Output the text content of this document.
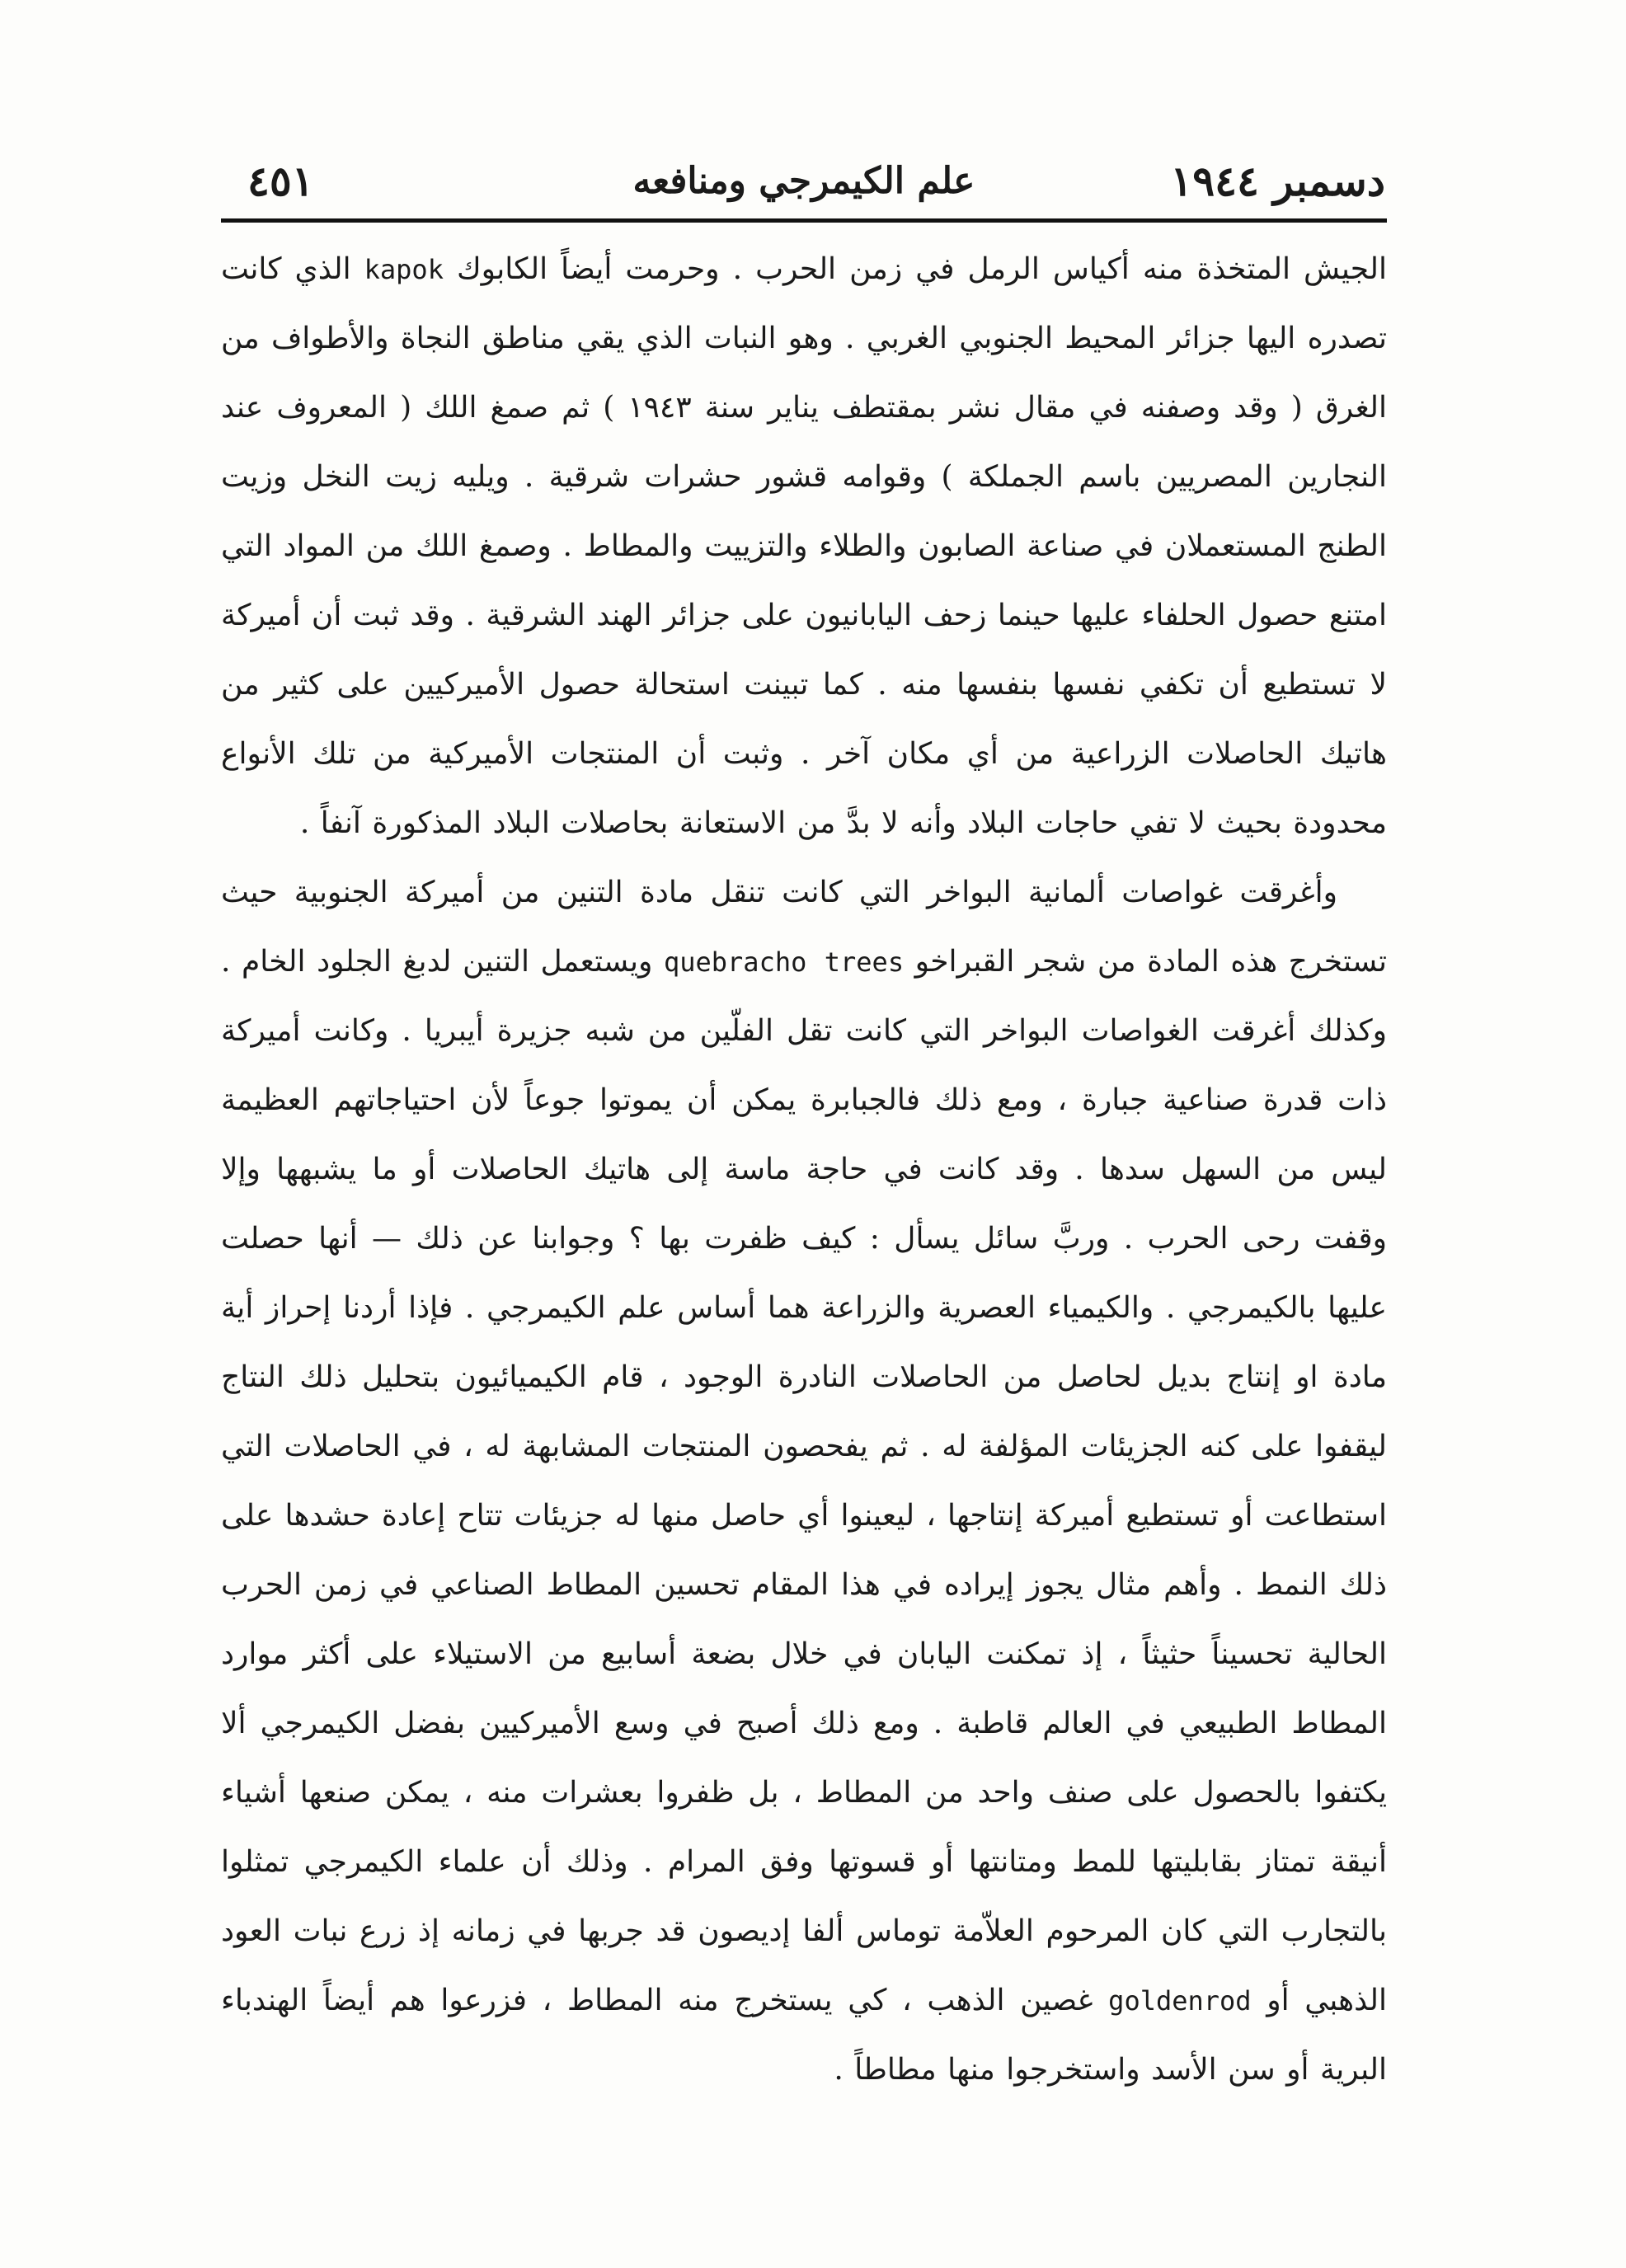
دسمبر ١٩٤٤
علم الكيمرجي ومنافعه
٤٥١

الجيش المتخذة منه أكياس الرمل في زمن الحرب . وحرمت أيضاً الكابوك kapok الذي كانت تصدره اليها جزائر المحيط الجنوبي الغربي . وهو النبات الذي يقي مناطق النجاة والأطواف من الغرق ( وقد وصفنه في مقال نشر بمقتطف يناير سنة ١٩٤٣ ) ثم صمغ اللك ( المعروف عند النجارين المصريين باسم الجملكة ) وقوامه قشور حشرات شرقية . ويليه زيت النخل وزيت الطنج المستعملان في صناعة الصابون والطلاء والتزييت والمطاط . وصمغ اللك من المواد التي امتنع حصول الحلفاء عليها حينما زحف اليابانيون على جزائر الهند الشرقية . وقد ثبت أن أميركة لا تستطيع أن تكفي نفسها بنفسها منه . كما تبينت استحالة حصول الأميركيين على كثير من هاتيك الحاصلات الزراعية من أي مكان آخر . وثبت أن المنتجات الأميركية من تلك الأنواع محدودة بحيث لا تفي حاجات البلاد وأنه لا بدَّ من الاستعانة بحاصلات البلاد المذكورة آنفاً .

وأغرقت غواصات ألمانية البواخر التي كانت تنقل مادة التنين من أميركة الجنوبية حيث تستخرج هذه المادة من شجر القبراخو quebracho trees ويستعمل التنين لدبغ الجلود الخام . وكذلك أغرقت الغواصات البواخر التي كانت تقل الفلّين من شبه جزيرة أيبريا . وكانت أميركة ذات قدرة صناعية جبارة ، ومع ذلك فالجبابرة يمكن أن يموتوا جوعاً لأن احتياجاتهم العظيمة ليس من السهل سدها . وقد كانت في حاجة ماسة إلى هاتيك الحاصلات أو ما يشبهها وإلا وقفت رحى الحرب . وربَّ سائل يسأل : كيف ظفرت بها ؟ وجوابنا عن ذلك — أنها حصلت عليها بالكيمرجي . والكيمياء العصرية والزراعة هما أساس علم الكيمرجي . فإذا أردنا إحراز أية مادة او إنتاج بديل لحاصل من الحاصلات النادرة الوجود ، قام الكيميائيون بتحليل ذلك النتاج ليقفوا على كنه الجزيئات المؤلفة له . ثم يفحصون المنتجات المشابهة له ، في الحاصلات التي استطاعت أو تستطيع أميركة إنتاجها ، ليعينوا أي حاصل منها له جزيئات تتاح إعادة حشدها على ذلك النمط . وأهم مثال يجوز إيراده في هذا المقام تحسين المطاط الصناعي في زمن الحرب الحالية تحسيناً حثيثاً ، إذ تمكنت اليابان في خلال بضعة أسابيع من الاستيلاء على أكثر موارد المطاط الطبيعي في العالم قاطبة . ومع ذلك أصبح في وسع الأميركيين بفضل الكيمرجي ألا يكتفوا بالحصول على صنف واحد من المطاط ، بل ظفروا بعشرات منه ، يمكن صنعها أشياء أنيقة تمتاز بقابليتها للمط ومتانتها أو قسوتها وفق المرام . وذلك أن علماء الكيمرجي تمثلوا بالتجارب التي كان المرحوم العلاّمة توماس ألفا إديصون قد جربها في زمانه إذ زرع نبات العود الذهبي أو goldenrod غصين الذهب ، كي يستخرج منه المطاط ، فزرعوا هم أيضاً الهندباء البرية أو سن الأسد واستخرجوا منها مطاطاً .
